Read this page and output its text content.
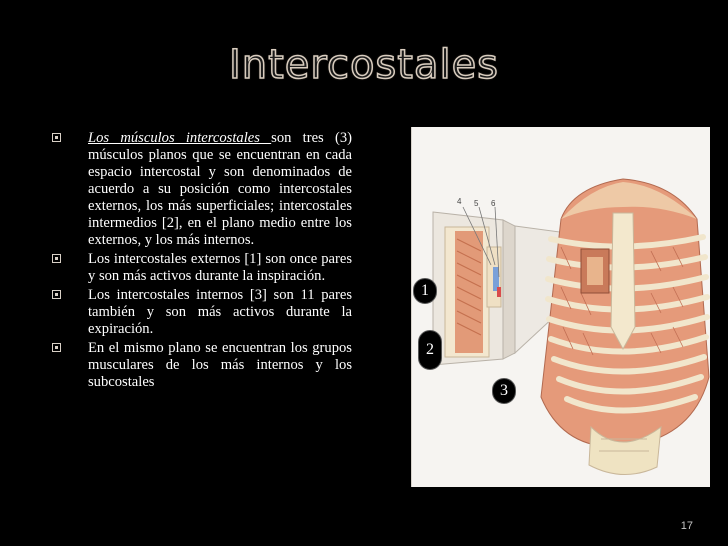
Intercostales
Los músculos intercostales son tres (3) músculos planos que se encuentran en cada espacio intercostal y son denominados de acuerdo a su posición como intercostales externos, los más superficiales; intercostales intermedios [2], en el plano medio entre los externos, y los más internos.
Los intercostales externos [1] son once pares y son más activos durante la inspiración.
Los intercostales internos [3] son 11 pares también y son más activos durante la expiración.
En el mismo plano se encuentran los grupos musculares de los más internos y los subcostales
4 5 6
1
2
3
17
